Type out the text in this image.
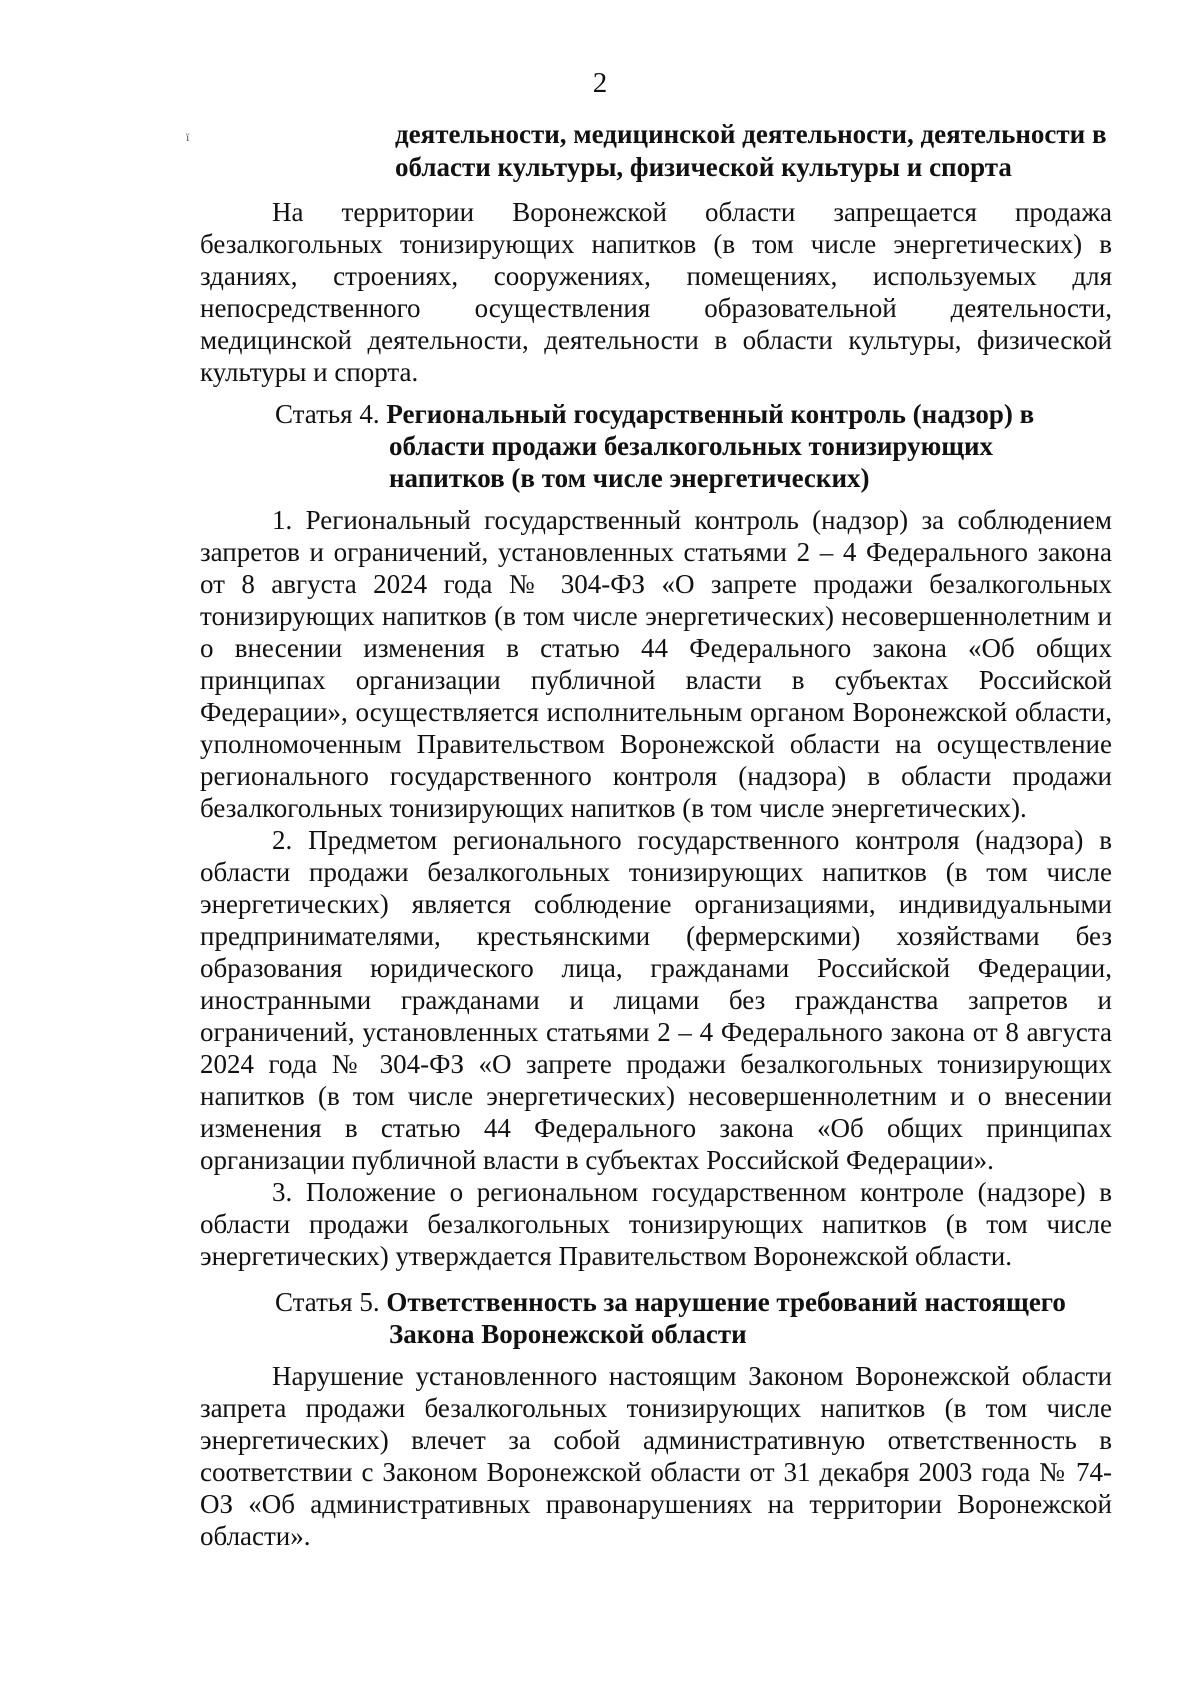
2
ї	деятельности, медицинской деятельности, деятельности в области культуры, физической культуры и спорта

На территории Воронежской области запрещается продажа безалкогольных тонизирующих напитков (в том числе энергетических) в зданиях, строениях, сооружениях, помещениях, используемых для непосредственного осуществления образовательной деятельности, медицинской деятельности, деятельности в области культуры, физической культуры и спорта.

Статья 4. Региональный государственный контроль (надзор) в области продажи безалкогольных тонизирующих напитков (в том числе энергетических)

1. Региональный государственный контроль (надзор) за соблюдением запретов и ограничений, установленных статьями 2 – 4 Федерального закона от 8 августа 2024 года № 304-ФЗ «О запрете продажи безалкогольных тонизирующих напитков (в том числе энергетических) несовершеннолетним и о внесении изменения в статью 44 Федерального закона «Об общих принципах организации публичной власти в субъектах Российской Федерации», осуществляется исполнительным органом Воронежской области, уполномоченным Правительством Воронежской области на осуществление регионального государственного контроля (надзора) в области продажи безалкогольных тонизирующих напитков (в том числе энергетических).

2. Предметом регионального государственного контроля (надзора) в области продажи безалкогольных тонизирующих напитков (в том числе энергетических) является соблюдение организациями, индивидуальными предпринимателями, крестьянскими (фермерскими) хозяйствами без образования юридического лица, гражданами Российской Федерации, иностранными гражданами и лицами без гражданства запретов и ограничений, установленных статьями 2 – 4 Федерального закона от 8 августа 2024 года № 304-ФЗ «О запрете продажи безалкогольных тонизирующих напитков (в том числе энергетических) несовершеннолетним и о внесении изменения в статью 44 Федерального закона «Об общих принципах организации публичной власти в субъектах Российской Федерации».

3. Положение о региональном государственном контроле (надзоре) в области продажи безалкогольных тонизирующих напитков (в том числе энергетических) утверждается Правительством Воронежской области.

Статья 5. Ответственность за нарушение требований настоящего Закона Воронежской области

Нарушение установленного настоящим Законом Воронежской области запрета продажи безалкогольных тонизирующих напитков (в том числе энергетических) влечет за собой административную ответственность в соответствии с Законом Воронежской области от 31 декабря 2003 года № 74-ОЗ «Об административных правонарушениях на территории Воронежской области».
